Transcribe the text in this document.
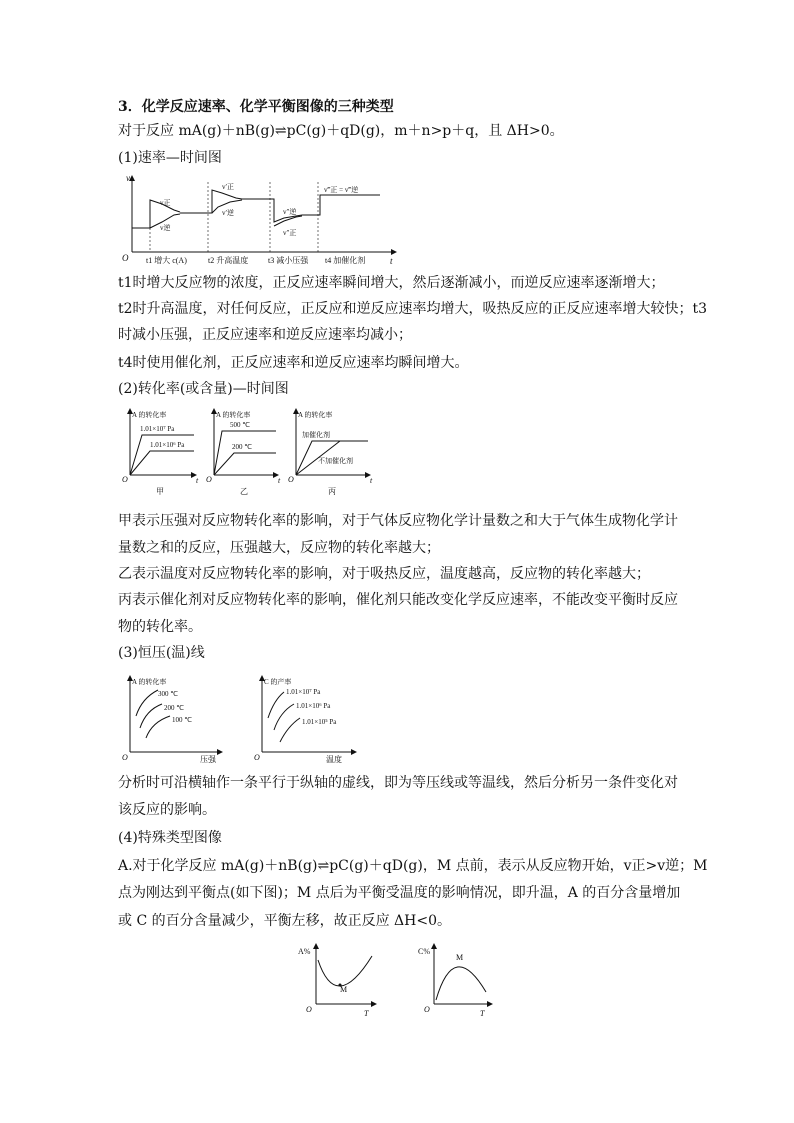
3．化学反应速率、化学平衡图像的三种类型
对于反应 mA(g)＋nB(g)⇌pC(g)＋qD(g)，m＋n>p＋q，且 ΔH>0。
(1)速率—时间图
v
t
O
v正
v逆
v′正
v′逆	v″逆
v″正
v‴正 = v‴逆
t1 增大 c(A)	t2 升高温度 t3 减小压强 t4 加催化剂
t1时增大反应物的浓度，正反应速率瞬间增大，然后逐渐减小，而逆反应速率逐渐增大；
t2时升高温度，对任何反应，正反应和逆反应速率均增大，吸热反应的正反应速率增大较快；t3
时减小压强，正反应速率和逆反应速率均减小；
t4时使用催化剂，正反应速率和逆反应速率均瞬间增大。
(2)转化率(或含量)—时间图
A 的转化率
1.01×10⁷ Pa
1.01×10⁶ Pa
O	t
甲
A 的转化率
500 ℃
200 ℃
O	t
乙
A 的转化率
加催化剂
不加催化剂
O	t
丙
甲表示压强对反应物转化率的影响，对于气体反应物化学计量数之和大于气体生成物化学计
量数之和的反应，压强越大，反应物的转化率越大；
乙表示温度对反应物转化率的影响，对于吸热反应，温度越高，反应物的转化率越大；
丙表示催化剂对反应物转化率的影响，催化剂只能改变化学反应速率，不能改变平衡时反应
物的转化率。
(3)恒压(温)线
A 的转化率
300 ℃
200 ℃
100 ℃
O	压强
C 的产率
1.01×10⁷ Pa
1.01×10⁶ Pa
1.01×10⁵ Pa
O	温度
分析时可沿横轴作一条平行于纵轴的虚线，即为等压线或等温线，然后分析另一条件变化对
该反应的影响。
(4)特殊类型图像
A.对于化学反应 mA(g)＋nB(g)⇌pC(g)＋qD(g)，M 点前，表示从反应物开始，v正>v逆；M
点为刚达到平衡点(如下图)；M 点后为平衡受温度的影响情况，即升温，A 的百分含量增加
或 C 的百分含量减少，平衡左移，故正反应 ΔH<0。
A%
M
O	T
C%
M
O	T
